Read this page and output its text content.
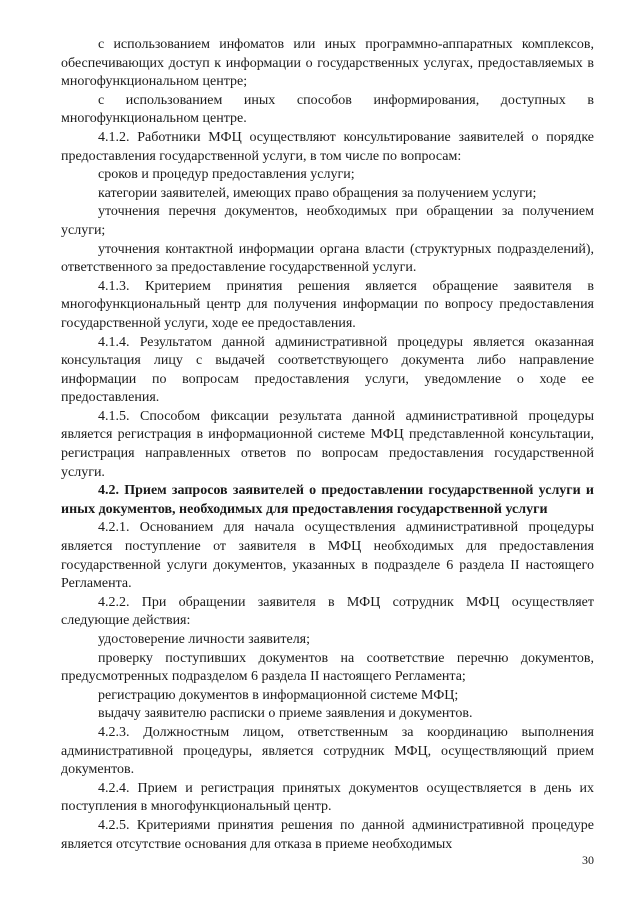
с использованием инфоматов или иных программно-аппаратных комплексов, обеспечивающих доступ к информации о государственных услугах, предоставляемых в многофункциональном центре;

с использованием иных способов информирования, доступных в многофункциональном центре.

4.1.2. Работники МФЦ осуществляют консультирование заявителей о порядке предоставления государственной услуги, в том числе по вопросам:

сроков и процедур предоставления услуги;

категории заявителей, имеющих право обращения за получением услуги;

уточнения перечня документов, необходимых при обращении за получением услуги;

уточнения контактной информации органа власти (структурных подразделений), ответственного за предоставление государственной услуги.

4.1.3. Критерием принятия решения является обращение заявителя в многофункциональный центр для получения информации по вопросу предоставления государственной услуги, ходе ее предоставления.

4.1.4. Результатом данной административной процедуры является оказанная консультация лицу с выдачей соответствующего документа либо направление информации по вопросам предоставления услуги, уведомление о ходе ее предоставления.

4.1.5. Способом фиксации результата данной административной процедуры является регистрация в информационной системе МФЦ представленной консультации, регистрация направленных ответов по вопросам предоставления государственной услуги.

4.2. Прием запросов заявителей о предоставлении государственной услуги и иных документов, необходимых для предоставления государственной услуги

4.2.1. Основанием для начала осуществления административной процедуры является поступление от заявителя в МФЦ необходимых для предоставления государственной услуги документов, указанных в подразделе 6 раздела II настоящего Регламента.

4.2.2. При обращении заявителя в МФЦ сотрудник МФЦ осуществляет следующие действия:

удостоверение личности заявителя;

проверку поступивших документов на соответствие перечню документов, предусмотренных подразделом 6 раздела II настоящего Регламента;

регистрацию документов в информационной системе МФЦ;

выдачу заявителю расписки о приеме заявления и документов.

4.2.3. Должностным лицом, ответственным за координацию выполнения административной процедуры, является сотрудник МФЦ, осуществляющий прием документов.

4.2.4. Прием и регистрация принятых документов осуществляется в день их поступления в многофункциональный центр.

4.2.5. Критериями принятия решения по данной административной процедуре является отсутствие основания для отказа в приеме необходимых

30
